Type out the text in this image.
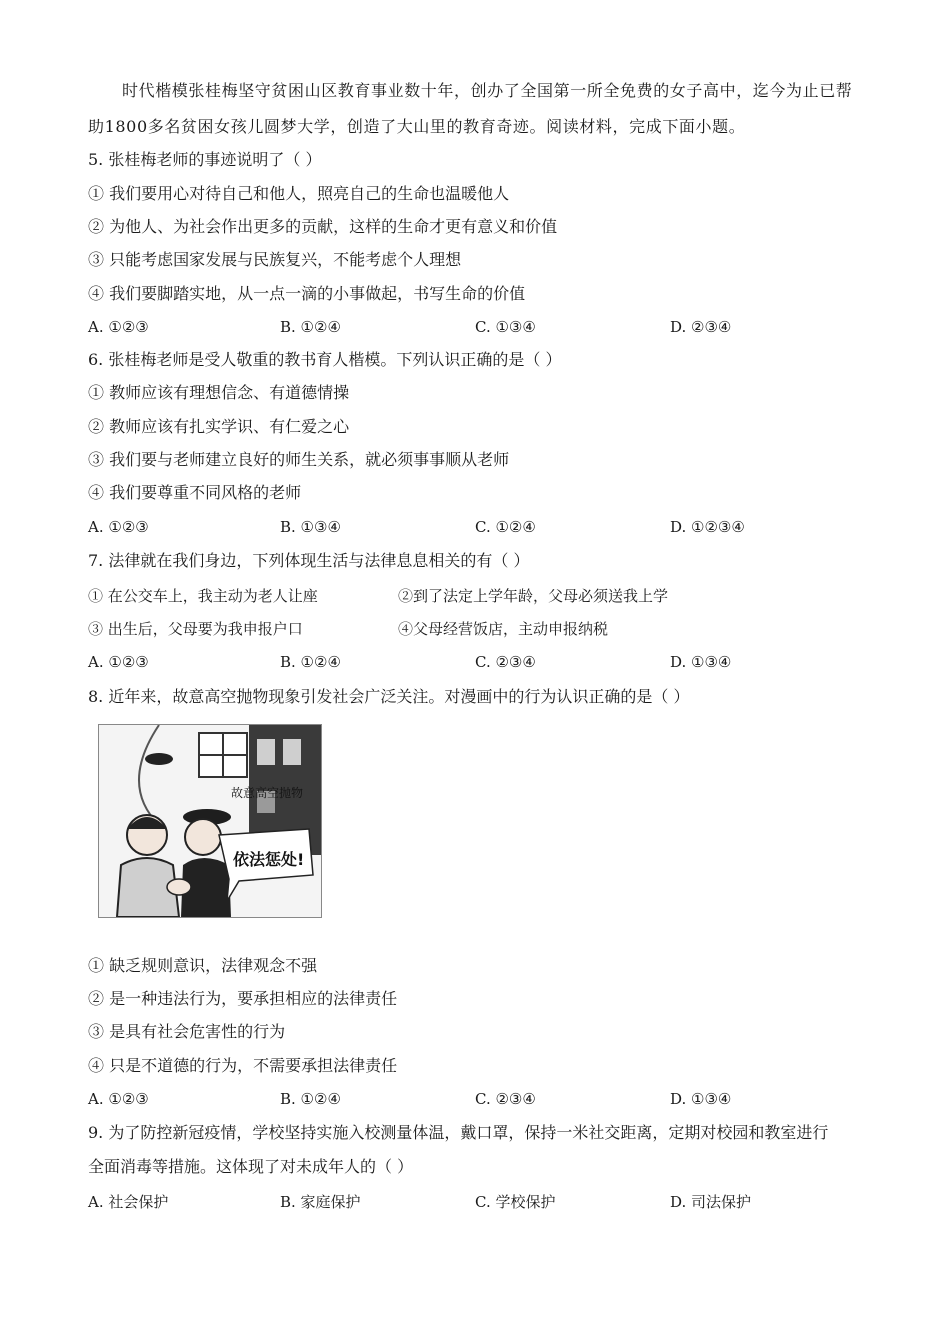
时代楷模张桂梅坚守贫困山区教育事业数十年，创办了全国第一所全免费的女子高中，迄今为止已帮
助1800多名贫困女孩儿圆梦大学，创造了大山里的教育奇迹。阅读材料，完成下面小题。
5. 张桂梅老师的事迹说明了（ ）
① 我们要用心对待自己和他人，照亮自己的生命也温暖他人
② 为他人、为社会作出更多的贡献，这样的生命才更有意义和价值
③ 只能考虑国家发展与民族复兴，不能考虑个人理想
④ 我们要脚踏实地，从一点一滴的小事做起，书写生命的价值
A. ①②③	B. ①②④	C. ①③④	D. ②③④
6. 张桂梅老师是受人敬重的教书育人楷模。下列认识正确的是（ ）
① 教师应该有理想信念、有道德情操
② 教师应该有扎实学识、有仁爱之心
③ 我们要与老师建立良好的师生关系，就必须事事顺从老师
④ 我们要尊重不同风格的老师
A. ①②③	B. ①③④	C. ①②④	D. ①②③④
7. 法律就在我们身边，下列体现生活与法律息息相关的有（ ）
① 在公交车上，我主动为老人让座	②到了法定上学年龄，父母必须送我上学
③ 出生后，父母要为我申报户口	④父母经营饭店，主动申报纳税
A. ①②③	B. ①②④	C. ②③④	D. ①③④
8. 近年来，故意高空抛物现象引发社会广泛关注。对漫画中的行为认识正确的是（ ）
故意高空抛物
依法惩处!
① 缺乏规则意识，法律观念不强
② 是一种违法行为，要承担相应的法律责任
③ 是具有社会危害性的行为
④ 只是不道德的行为，不需要承担法律责任
A. ①②③	B. ①②④	C. ②③④	D. ①③④
9. 为了防控新冠疫情，学校坚持实施入校测量体温，戴口罩，保持一米社交距离，定期对校园和教室进行
全面消毒等措施。这体现了对未成年人的（ ）
A. 社会保护	B. 家庭保护	C. 学校保护	D. 司法保护
